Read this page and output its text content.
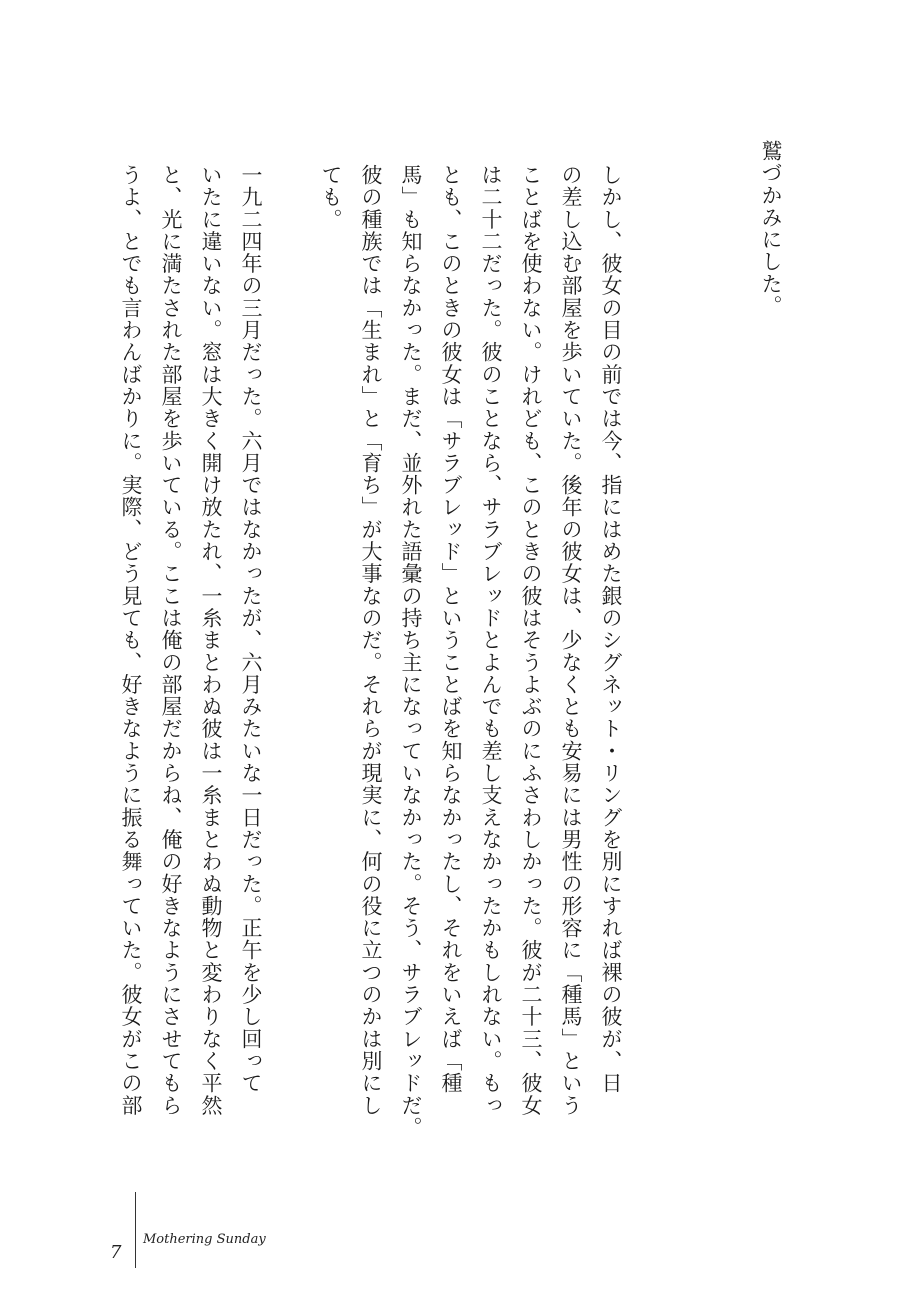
鷲づかみにした。
しかし、彼女の目の前では今、指にはめた銀のシグネット・リングを別にすれば裸の彼が、日
の差し込む部屋を歩いていた。後年の彼女は、少なくとも安易には男性の形容に「種馬」という
ことばを使わない。けれども、このときの彼はそうよぶのにふさわしかった。彼が二十三、彼女
は二十二だった。彼のことなら、サラブレッドとよんでも差し支えなかったかもしれない。もっ
とも、このときの彼女は「サラブレッド」ということばを知らなかったし、それをいえば「種
馬」も知らなかった。まだ、並外れた語彙の持ち主になっていなかった。そう、サラブレッドだ。
彼の種族では「生まれ」と「育ち」が大事なのだ。それらが現実に、何の役に立つのかは別にし
ても。
一九二四年の三月だった。六月ではなかったが、六月みたいな一日だった。正午を少し回って
いたに違いない。窓は大きく開け放たれ、一糸まとわぬ彼は一糸まとわぬ動物と変わりなく平然
と、光に満たされた部屋を歩いている。ここは俺の部屋だからね、俺の好きなようにさせてもら
うよ、とでも言わんばかりに。実際、どう見ても、好きなように振る舞っていた。彼女がこの部
7
Mothering Sunday
